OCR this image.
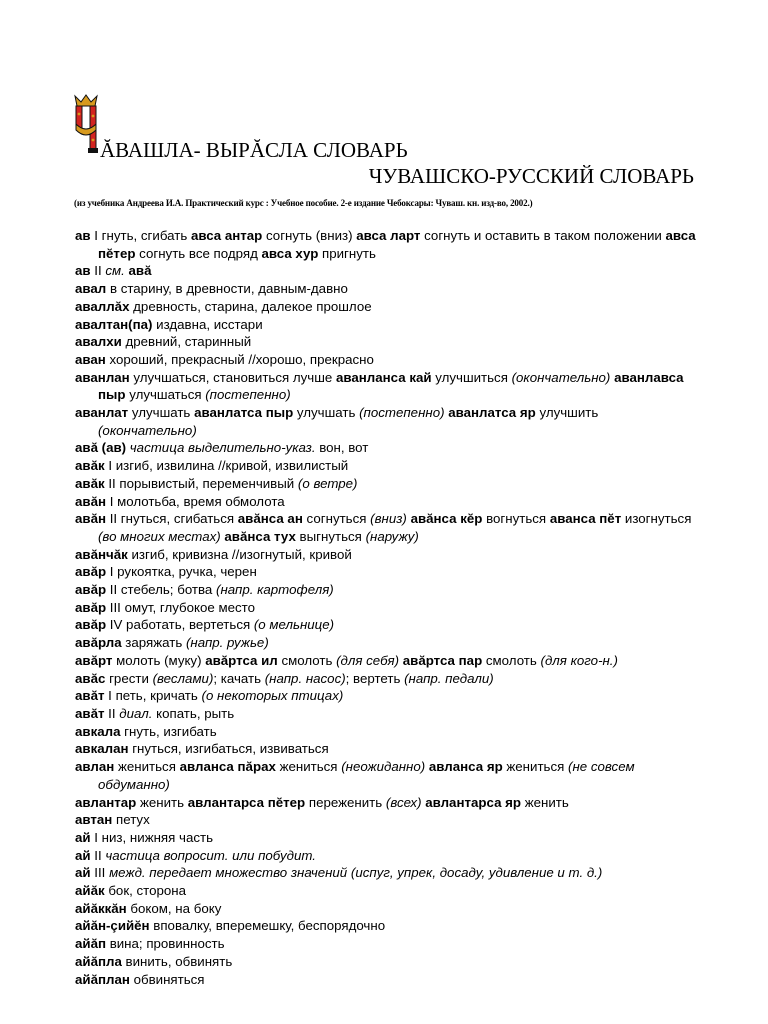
ĂВАШЛА- ВЫРĂСЛА СЛОВАРЬ
ЧУВАШСКО-РУССКИЙ СЛОВАРЬ
(из учебника Андреева И.А. Практический курс : Учебное пособие. 2-е издание Чебоксары: Чуваш. кн. изд-во, 2002.)
ав I гнуть, сгибать авса антар согнуть (вниз) авса ларт согнуть и оставить в таком положении авса пĕтер согнуть все подряд авса хур пригнуть
ав II см. авă
авал в старину, в древности, давным-давно
аваллăх древность, старина, далекое прошлое
авалтан(па) издавна, исстари
авалхи древний, старинный
аван хороший, прекрасный //хорошо, прекрасно
аванлан улучшаться, становиться лучше аванланса кай улучшиться (окончательно) аванлавса пыр улучшаться (постепенно)
аванлат улучшать аванлатса пыр улучшать (постепенно) аванлатса яр улучшить (окончательно)
авă (ав) частица выделительно-указ. вон, вот
авăк I изгиб, извилина //кривой, извилистый
авăк II порывистый, переменчивый (о ветре)
авăн I молотьба, время обмолота
авăн II гнуться, сгибаться авăнса ан согнуться (вниз) авăнса кĕр вогнуться аванса пĕт изогнуться (во многих местах) авăнса тух выгнуться (наружу)
авăнчăк изгиб, кривизна //изогнутый, кривой
авăр I рукоятка, ручка, черен
авăр II стебель; ботва (напр. картофеля)
авăр III омут, глубокое место
авăр IV работать, вертеться (о мельнице)
авăрла заряжать (напр. ружье)
авăрт молоть (муку) авăртса ил смолоть (для себя) авăртса пар смолоть (для кого-н.)
авăс грести (веслами); качать (напр. насос); вертеть (напр. педали)
авăт I петь, кричать (о некоторых птицах)
авăт II диал. копать, рыть
авкала гнуть, изгибать
авкалан гнуться, изгибаться, извиваться
авлан жениться авланса пăрах жениться (неожиданно) авланса яр жениться (не совсем обдуманно)
авлантар женить авлантарса пĕтер переженить (всех) авлантарса яр женить
автан петух
ай I низ, нижняя часть
ай II частица вопросит. или побудит.
ай III межд. передает множество значений (испуг, упрек, досаду, удивление и т. д.)
айăк бок, сторона
айăккăн боком, на боку
айăн-çийĕн вповалку, вперемешку, беспорядочно
айăп вина; провинность
айăпла винить, обвинять
айăплан обвиняться
